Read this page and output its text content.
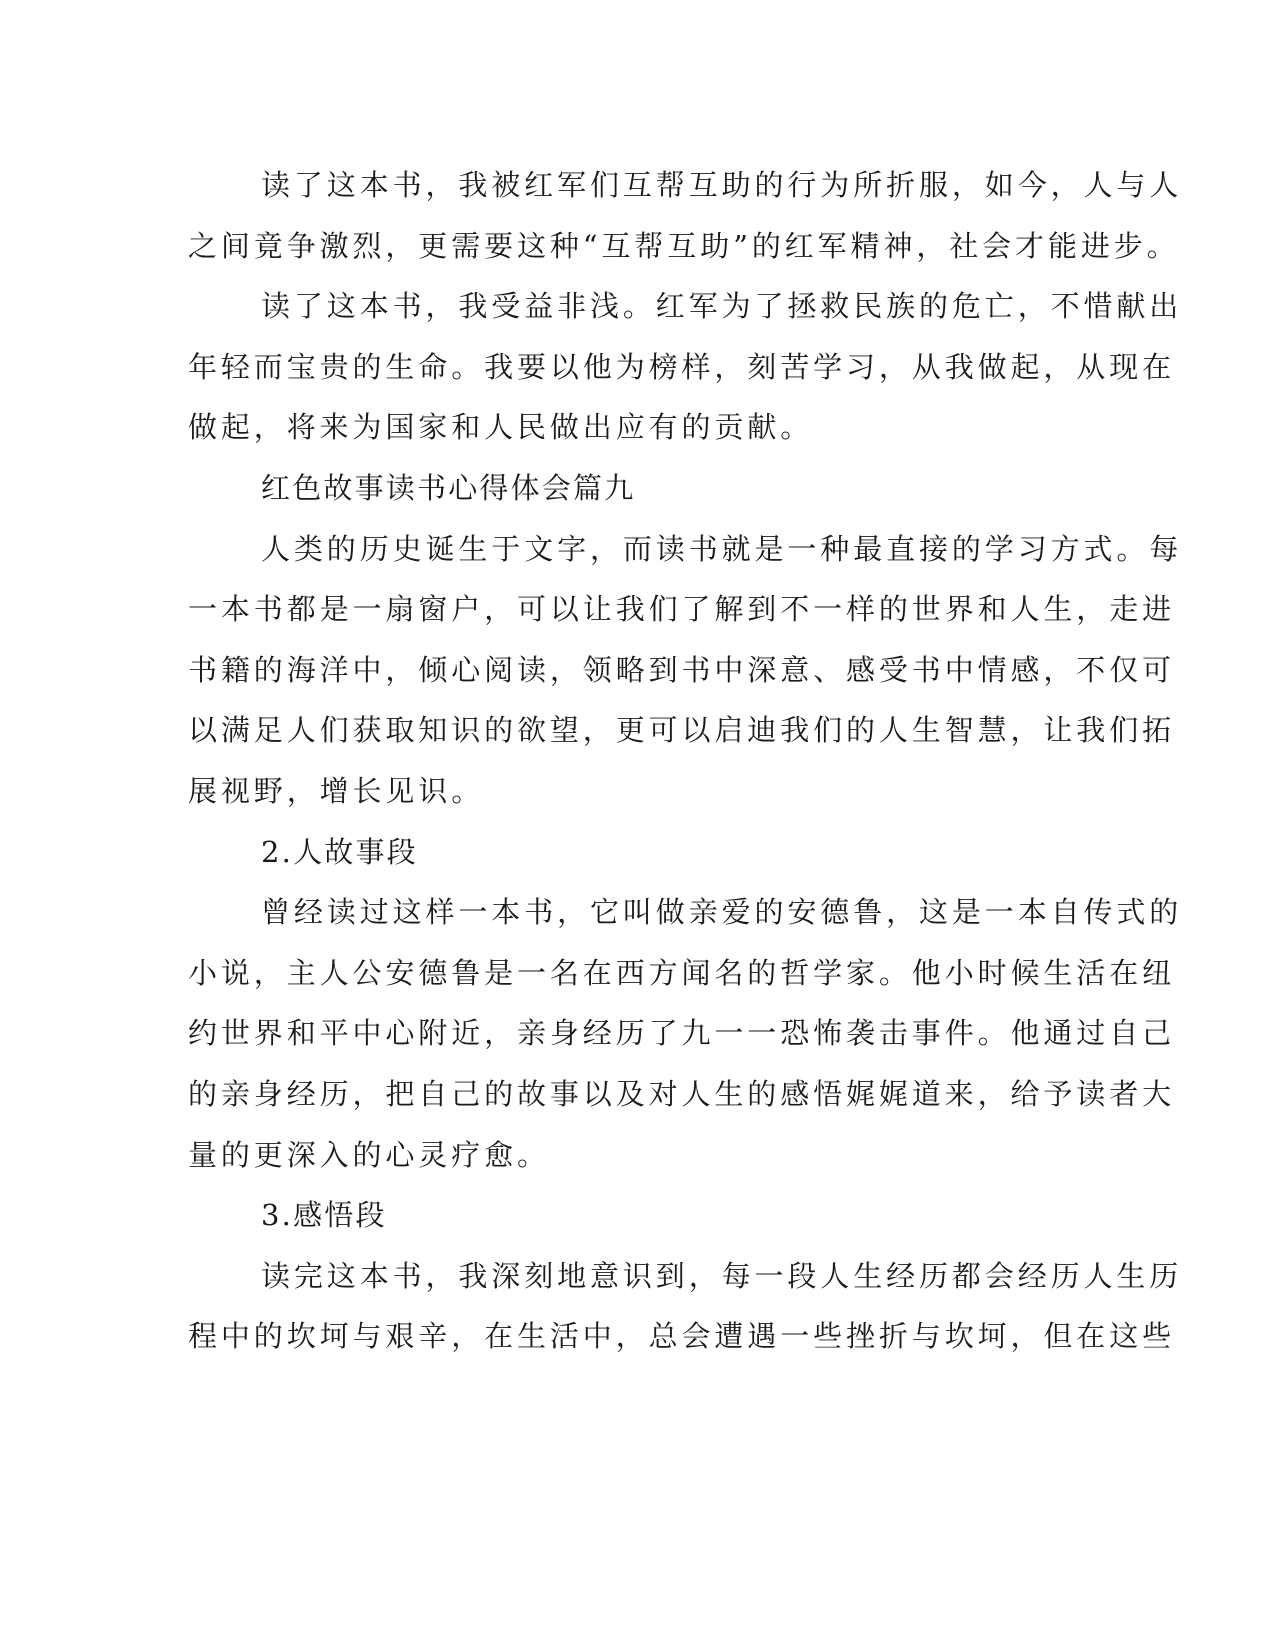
读了这本书，我被红军们互帮互助的行为所折服，如今，人与人
之间竟争激烈，更需要这种“互帮互助”的红军精神，社会才能进步。
读了这本书，我受益非浅。红军为了拯救民族的危亡，不惜献出
年轻而宝贵的生命。我要以他为榜样，刻苦学习，从我做起，从现在
做起，将来为国家和人民做出应有的贡献。
红色故事读书心得体会篇九
人类的历史诞生于文字，而读书就是一种最直接的学习方式。每
一本书都是一扇窗户，可以让我们了解到不一样的世界和人生，走进
书籍的海洋中，倾心阅读，领略到书中深意、感受书中情感，不仅可
以满足人们获取知识的欲望，更可以启迪我们的人生智慧，让我们拓
展视野，增长见识。
2.人故事段
曾经读过这样一本书，它叫做亲爱的安德鲁，这是一本自传式的
小说，主人公安德鲁是一名在西方闻名的哲学家。他小时候生活在纽
约世界和平中心附近，亲身经历了九一一恐怖袭击事件。他通过自己
的亲身经历，把自己的故事以及对人生的感悟娓娓道来，给予读者大
量的更深入的心灵疗愈。
3.感悟段
读完这本书，我深刻地意识到，每一段人生经历都会经历人生历
程中的坎坷与艰辛，在生活中，总会遭遇一些挫折与坎坷，但在这些
